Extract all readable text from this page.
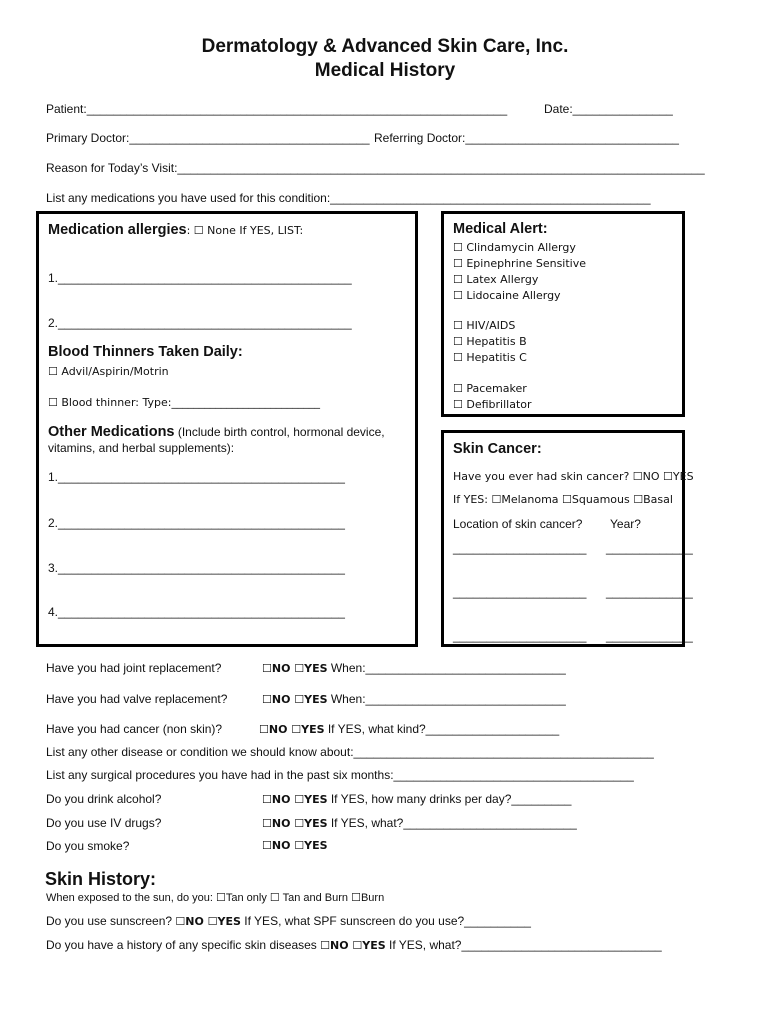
Dermatology & Advanced Skin Care, Inc.
Medical History
Patient:_______________________________________________________________	Date:_______________
Primary Doctor:____________________________________ Referring Doctor:________________________________
Reason for Today’s Visit:_______________________________________________________________________________
List any medications you have used for this condition:________________________________________________
Medication allergies: ☐ None If YES, LIST:
1.____________________________________________
2.____________________________________________
Blood Thinners Taken Daily:
☐ Advil/Aspirin/Motrin
☐ Blood thinner: Type:___________________________
Other Medications (Include birth control, hormonal device,
vitamins, and herbal supplements):
1.___________________________________________
2.___________________________________________
3.___________________________________________
4.___________________________________________
Medical Alert:
☐ Clindamycin Allergy
☐ Epinephrine Sensitive
☐ Latex Allergy
☐ Lidocaine Allergy
☐ HIV/AIDS
☐ Hepatitis B
☐ Hepatitis C
☐ Pacemaker
☐ Defibrillator
Skin Cancer:
Have you ever had skin cancer? ☐NO ☐YES
If YES: ☐Melanoma ☐Squamous ☐Basal
Location of skin cancer? Year?
____________________ _____________
____________________ _____________
____________________ _____________
Have you had joint replacement?	☐NO ☐YES When:______________________________
Have you had valve replacement?	☐NO ☐YES When:______________________________
Have you had cancer (non skin)?	☐NO ☐YES If YES, what kind?____________________
List any other disease or condition we should know about:_____________________________________________
List any surgical procedures you have had in the past six months:____________________________________
Do you drink alcohol?	☐NO ☐YES If YES, how many drinks per day?_________
Do you use IV drugs?	☐NO ☐YES If YES, what?__________________________
Do you smoke?	☐NO ☐YES
Skin History:
When exposed to the sun, do you: ☐Tan only ☐ Tan and Burn ☐Burn
Do you use sunscreen? ☐NO ☐YES If YES, what SPF sunscreen do you use?__________
Do you have a history of any specific skin diseases ☐NO ☐YES If YES, what?______________________________
